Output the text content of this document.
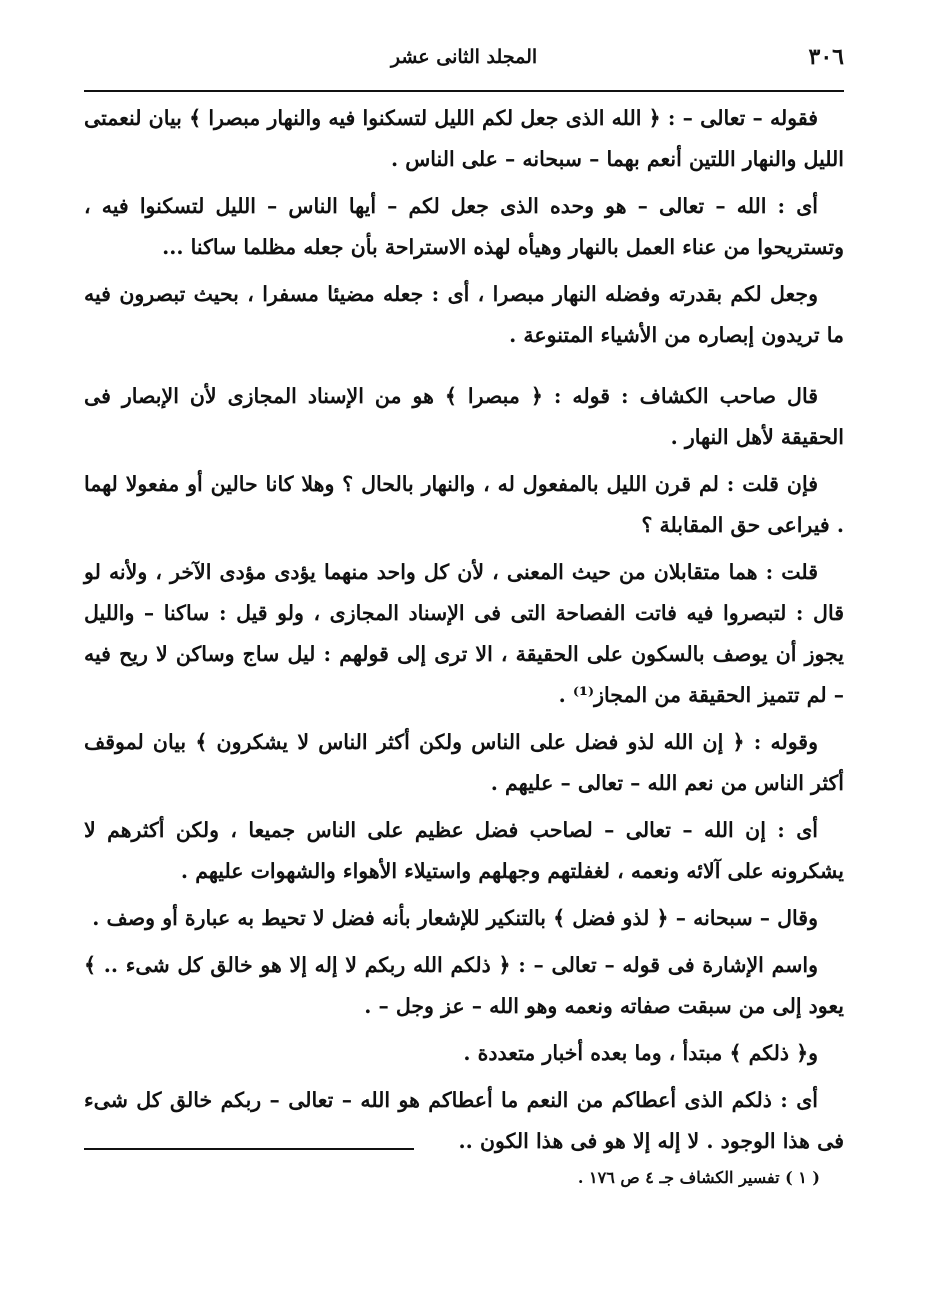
٣٠٦
المجلد الثانى عشر

فقوله – تعالى – : ﴿ الله الذى جعل لكم الليل لتسكنوا فيه والنهار مبصرا ﴾ بيان لنعمتى الليل والنهار اللتين أنعم بهما – سبحانه – على الناس .

أى : الله – تعالى – هو وحده الذى جعل لكم – أيها الناس – الليل لتسكنوا فيه ، وتستريحوا من عناء العمل بالنهار وهيأه لهذه الاستراحة بأن جعله مظلما ساكنا ...

وجعل لكم بقدرته وفضله النهار مبصرا ، أى : جعله مضيئا مسفرا ، بحيث تبصرون فيه ما تريدون إبصاره من الأشياء المتنوعة .

قال صاحب الكشاف : قوله : ﴿ مبصرا ﴾ هو من الإسناد المجازى لأن الإبصار فى الحقيقة لأهل النهار .

فإن قلت : لم قرن الليل بالمفعول له ، والنهار بالحال ؟ وهلا كانا حالين أو مفعولا لهما . فيراعى حق المقابلة ؟

قلت : هما متقابلان من حيث المعنى ، لأن كل واحد منهما يؤدى مؤدى الآخر ، ولأنه لو قال : لتبصروا فيه فاتت الفصاحة التى فى الإسناد المجازى ، ولو قيل : ساكنا – والليل يجوز أن يوصف بالسكون على الحقيقة ، الا ترى إلى قولهم : ليل ساج وساكن لا ريح فيه – لم تتميز الحقيقة من المجاز⁽¹⁾ .

وقوله : ﴿ إن الله لذو فضل على الناس ولكن أكثر الناس لا يشكرون ﴾ بيان لموقف أكثر الناس من نعم الله – تعالى – عليهم .

أى : إن الله – تعالى – لصاحب فضل عظيم على الناس جميعا ، ولكن أكثرهم لا يشكرونه على آلائه ونعمه ، لغفلتهم وجهلهم واستيلاء الأهواء والشهوات عليهم .

وقال – سبحانه – ﴿ لذو فضل ﴾ بالتنكير للإشعار بأنه فضل لا تحيط به عبارة أو وصف .

واسم الإشارة فى قوله – تعالى – : ﴿ ذلكم الله ربكم لا إله إلا هو خالق كل شىء .. ﴾ يعود إلى من سبقت صفاته ونعمه وهو الله – عز وجل – .

و﴿ ذلكم ﴾ مبتدأ ، وما بعده أخبار متعددة .

أى : ذلكم الذى أعطاكم من النعم ما أعطاكم هو الله – تعالى – ربكم خالق كل شىء فى هذا الوجود . لا إله إلا هو فى هذا الكون ..

( ١ ) تفسير الكشاف جـ ٤ ص ١٧٦ .
